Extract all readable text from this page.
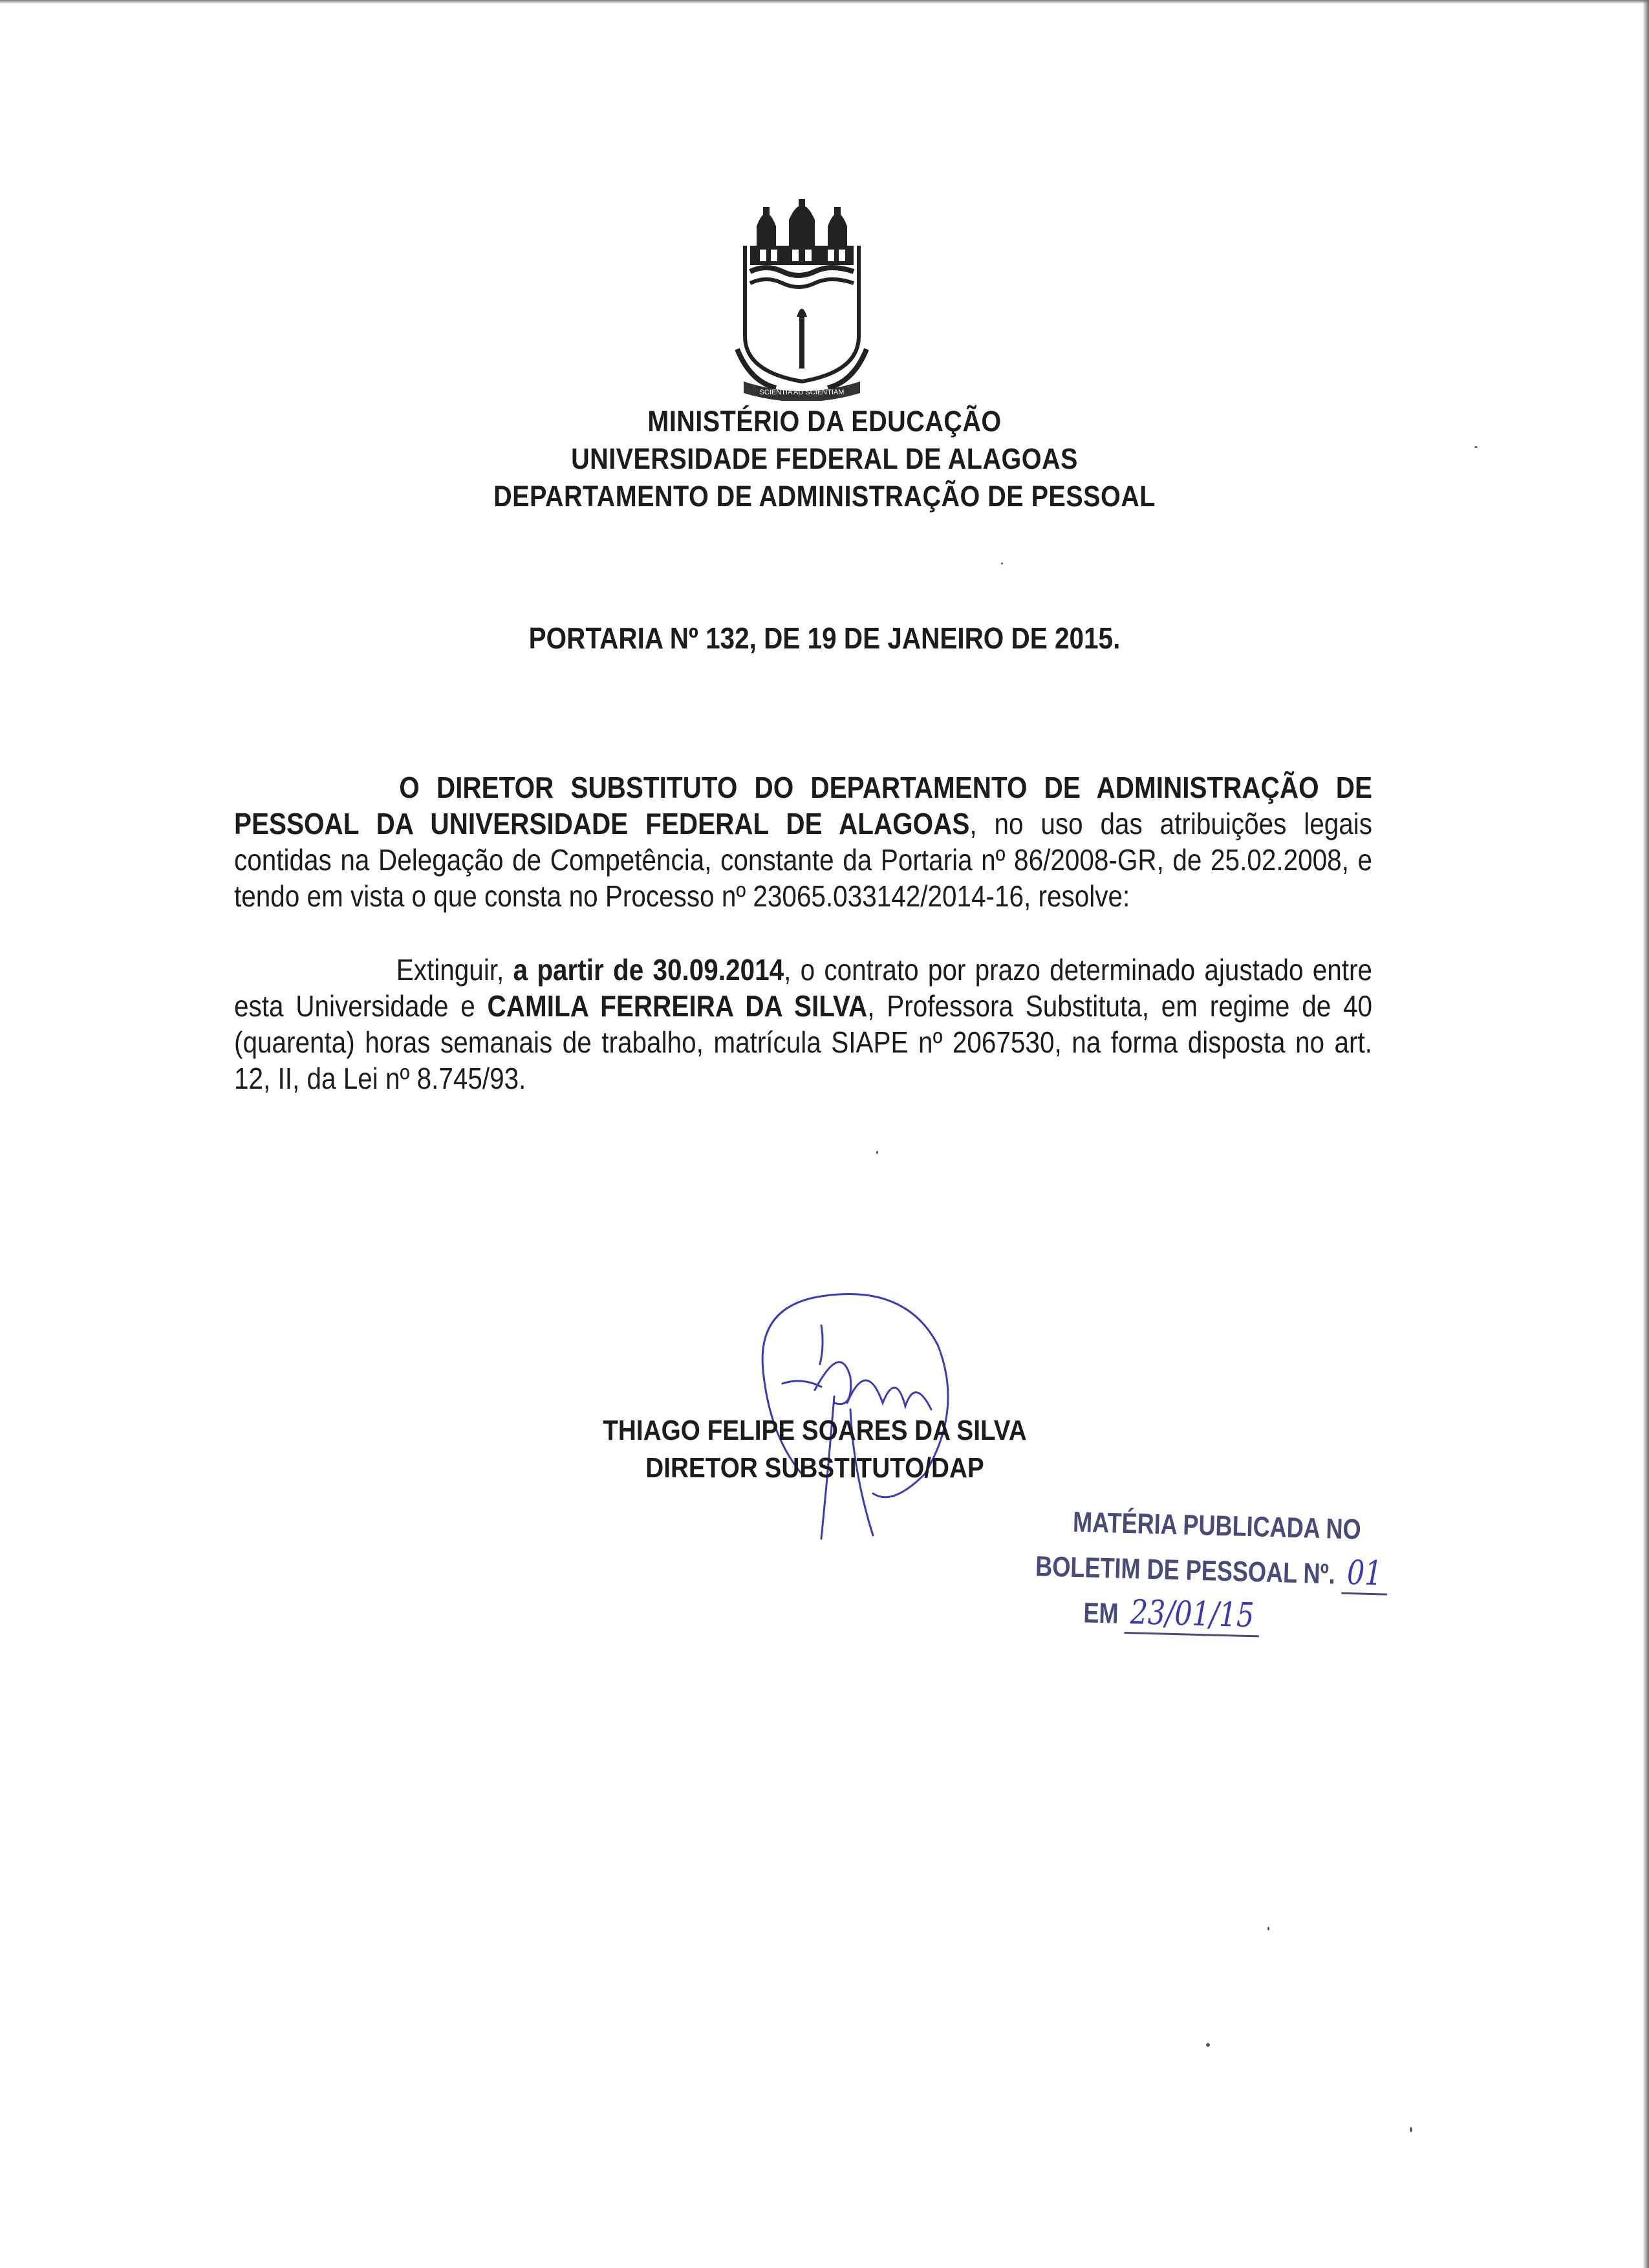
SCIENTIA AD SCIENTIAM
MINISTÉRIO DA EDUCAÇÃO
UNIVERSIDADE FEDERAL DE ALAGOAS
DEPARTAMENTO DE ADMINISTRAÇÃO DE PESSOAL
PORTARIA Nº 132, DE 19 DE JANEIRO DE 2015.
O DIRETOR SUBSTITUTO DO DEPARTAMENTO DE ADMINISTRAÇÃO DE PESSOAL DA UNIVERSIDADE FEDERAL DE ALAGOAS, no uso das atribuições legais contidas na Delegação de Competência, constante da Portaria nº 86/2008-GR, de 25.02.2008, e tendo em vista o que consta no Processo nº 23065.033142/2014-16, resolve:
Extinguir, a partir de 30.09.2014, o contrato por prazo determinado ajustado entre esta Universidade e CAMILA FERREIRA DA SILVA, Professora Substituta, em regime de 40 (quarenta) horas semanais de trabalho, matrícula SIAPE nº 2067530, na forma disposta no art. 12, II, da Lei nº 8.745/93.
THIAGO FELIPE SOARES DA SILVA
DIRETOR SUBSTITUTO/DAP
MATÉRIA PUBLICADA NO
BOLETIM DE PESSOAL Nº. 01
EM 23/01/15
